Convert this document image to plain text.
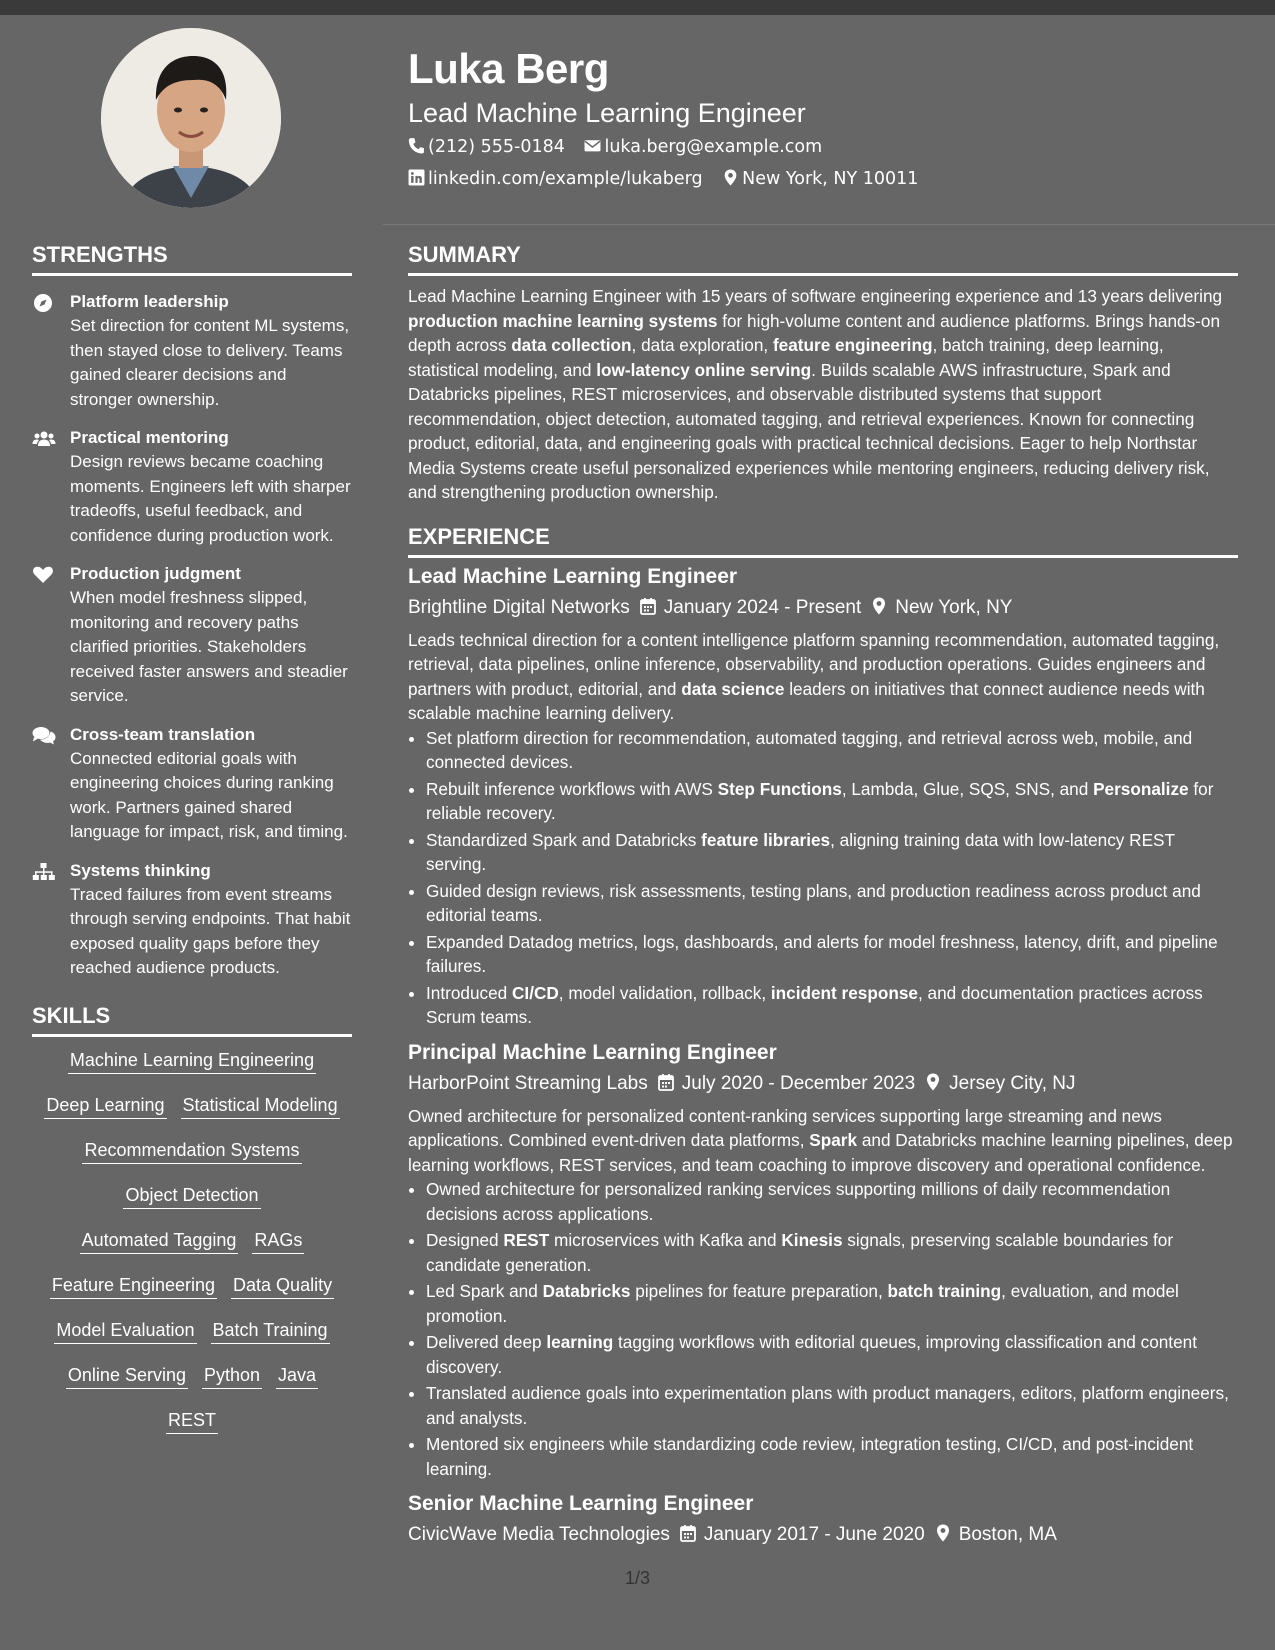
Luka Berg
Lead Machine Learning Engineer
(212) 555-0184 luka.berg@example.com
linkedin.com/example/lukaberg New York, NY 10011
STRENGTHS
Platform leadership
Set direction for content ML systems, then stayed close to delivery. Teams gained clearer decisions and stronger ownership.
Practical mentoring
Design reviews became coaching moments. Engineers left with sharper tradeoffs, useful feedback, and confidence during production work.
Production judgment
When model freshness slipped, monitoring and recovery paths clarified priorities. Stakeholders received faster answers and steadier service.
Cross-team translation
Connected editorial goals with engineering choices during ranking work. Partners gained shared language for impact, risk, and timing.
Systems thinking
Traced failures from event streams through serving endpoints. That habit exposed quality gaps before they reached audience products.
SKILLS
Machine Learning Engineering
Deep Learning Statistical Modeling
Recommendation Systems
Object Detection
Automated Tagging RAGs
Feature Engineering Data Quality
Model Evaluation Batch Training
Online Serving Python Java
REST
SUMMARY
Lead Machine Learning Engineer with 15 years of software engineering experience and 13 years delivering production machine learning systems for high-volume content and audience platforms. Brings hands-on depth across data collection, data exploration, feature engineering, batch training, deep learning, statistical modeling, and low-latency online serving. Builds scalable AWS infrastructure, Spark and Databricks pipelines, REST microservices, and observable distributed systems that support recommendation, object detection, automated tagging, and retrieval experiences. Known for connecting product, editorial, data, and engineering goals with practical technical decisions. Eager to help Northstar Media Systems create useful personalized experiences while mentoring engineers, reducing delivery risk, and strengthening production ownership.
EXPERIENCE
Lead Machine Learning Engineer
Brightline Digital Networks January 2024 - Present New York, NY
Leads technical direction for a content intelligence platform spanning recommendation, automated tagging, retrieval, data pipelines, online inference, observability, and production operations. Guides engineers and partners with product, editorial, and data science leaders on initiatives that connect audience needs with scalable machine learning delivery.
• Set platform direction for recommendation, automated tagging, and retrieval across web, mobile, and connected devices.
• Rebuilt inference workflows with AWS Step Functions, Lambda, Glue, SQS, SNS, and Personalize for reliable recovery.
• Standardized Spark and Databricks feature libraries, aligning training data with low-latency REST serving.
• Guided design reviews, risk assessments, testing plans, and production readiness across product and editorial teams.
• Expanded Datadog metrics, logs, dashboards, and alerts for model freshness, latency, drift, and pipeline failures.
• Introduced CI/CD, model validation, rollback, incident response, and documentation practices across Scrum teams.
Principal Machine Learning Engineer
HarborPoint Streaming Labs July 2020 - December 2023 Jersey City, NJ
Owned architecture for personalized content-ranking services supporting large streaming and news applications. Combined event-driven data platforms, Spark and Databricks machine learning pipelines, deep learning workflows, REST services, and team coaching to improve discovery and operational confidence.
• Owned architecture for personalized ranking services supporting millions of daily recommendation decisions across applications.
• Designed REST microservices with Kafka and Kinesis signals, preserving scalable boundaries for candidate generation.
• Led Spark and Databricks pipelines for feature preparation, batch training, evaluation, and model promotion.
• Delivered deep learning tagging workflows with editorial queues, improving classification and content discovery.
• Translated audience goals into experimentation plans with product managers, editors, platform engineers, and analysts.
• Mentored six engineers while standardizing code review, integration testing, CI/CD, and post-incident learning.
Senior Machine Learning Engineer
CivicWave Media Technologies January 2017 - June 2020 Boston, MA
1/3
